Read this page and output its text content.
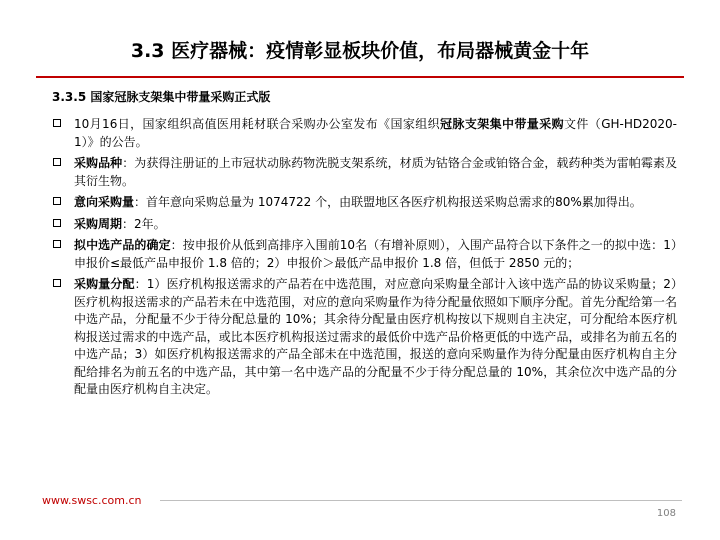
3.3 医疗器械：疫情彰显板块价值，布局器械黄金十年
3.3.5 国家冠脉支架集中带量采购正式版
10月16日，国家组织高值医用耗材联合采购办公室发布《国家组织冠脉支架集中带量采购文件（GH-HD2020-1）》的公告。
采购品种：为获得注册证的上市冠状动脉药物洗脱支架系统，材质为钴铬合金或铂铬合金，载药种类为雷帕霉素及其衍生物。
意向采购量：首年意向采购总量为 1074722 个，由联盟地区各医疗机构报送采购总需求的80%累加得出。
采购周期：2年。
拟中选产品的确定：按申报价从低到高排序入围前10名（有增补原则），入围产品符合以下条件之一的拟中选：1）申报价≤最低产品申报价 1.8 倍的；2）申报价＞最低产品申报价 1.8 倍，但低于 2850 元的；
采购量分配：1）医疗机构报送需求的产品若在中选范围，对应意向采购量全部计入该中选产品的协议采购量；2）医疗机构报送需求的产品若未在中选范围，对应的意向采购量作为待分配量依照如下顺序分配。首先分配给第一名中选产品，分配量不少于待分配总量的 10%；其余待分配量由医疗机构按以下规则自主决定，可分配给本医疗机构报送过需求的中选产品，或比本医疗机构报送过需求的最低价中选产品价格更低的中选产品，或排名为前五名的中选产品；3）如医疗机构报送需求的产品全部未在中选范围，报送的意向采购量作为待分配量由医疗机构自主分配给排名为前五名的中选产品，其中第一名中选产品的分配量不少于待分配总量的 10%，其余位次中选产品的分配量由医疗机构自主决定。
www.swsc.com.cn
108
